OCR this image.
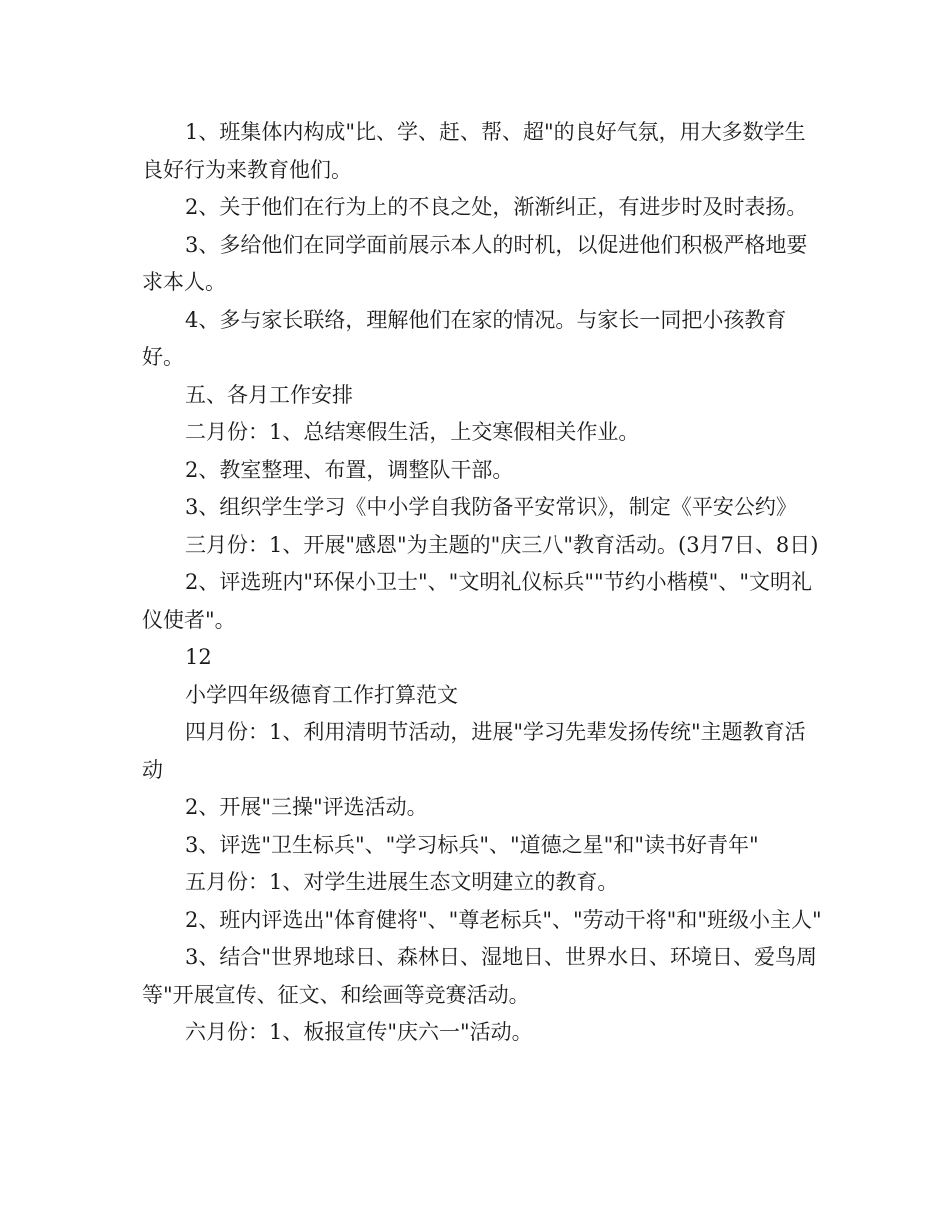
1、班集体内构成"比、学、赶、帮、超"的良好气氛，用大多数学生良好行为来教育他们。

2、关于他们在行为上的不良之处，渐渐纠正，有进步时及时表扬。

3、多给他们在同学面前展示本人的时机，以促进他们积极严格地要求本人。

4、多与家长联络，理解他们在家的情况。与家长一同把小孩教育好。

五、各月工作安排

二月份：1、总结寒假生活，上交寒假相关作业。

2、教室整理、布置，调整队干部。

3、组织学生学习《中小学自我防备平安常识》，制定《平安公约》

三月份：1、开展"感恩"为主题的"庆三八"教育活动。(3月7日、8日)

2、评选班内"环保小卫士"、"文明礼仪标兵""节约小楷模"、"文明礼仪使者"。

12

小学四年级德育工作打算范文

四月份：1、利用清明节活动，进展"学习先辈发扬传统"主题教育活动

2、开展"三操"评选活动。

3、评选"卫生标兵"、"学习标兵"、"道德之星"和"读书好青年"

五月份：1、对学生进展生态文明建立的教育。

2、班内评选出"体育健将"、"尊老标兵"、"劳动干将"和"班级小主人"

3、结合"世界地球日、森林日、湿地日、世界水日、环境日、爱鸟周等"开展宣传、征文、和绘画等竞赛活动。

六月份：1、板报宣传"庆六一"活动。
